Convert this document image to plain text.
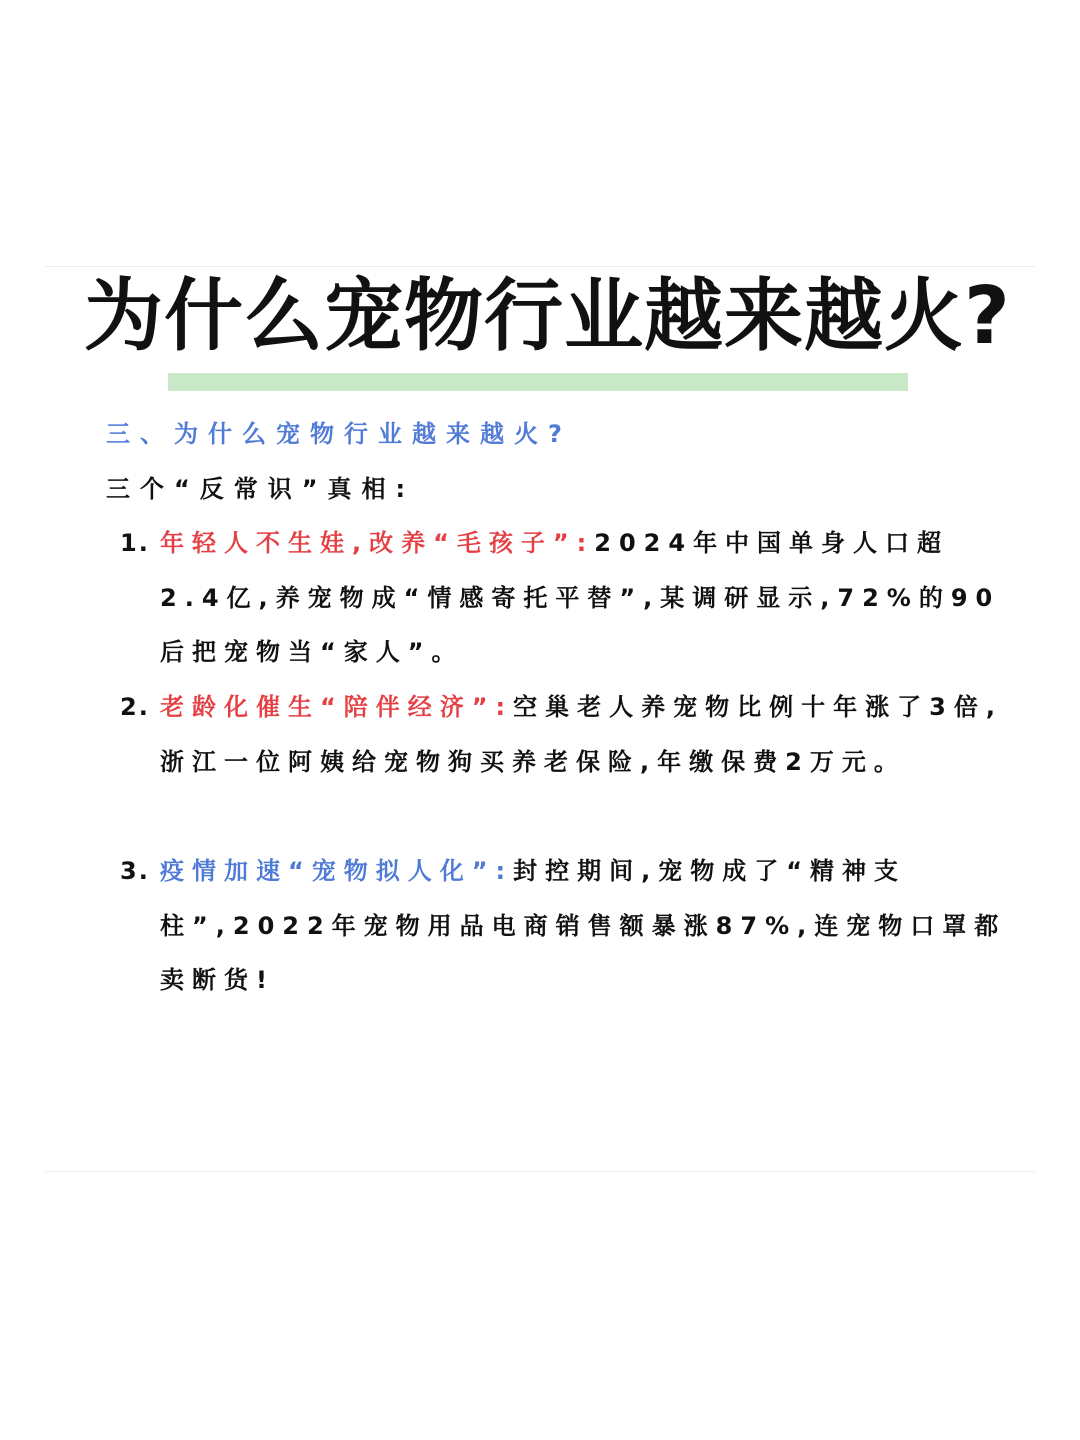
为什么宠物行业越来越火?
三、为什么宠物行业越来越火?
三个“反常识”真相:
1. 年轻人不生娃,改养“毛孩子”:2024年中国单身人口超2.4亿,养宠物成“情感寄托平替”,某调研显示,72%的90后把宠物当“家人”。
2. 老龄化催生“陪伴经济”:空巢老人养宠物比例十年涨了3倍,浙江一位阿姨给宠物狗买养老保险,年缴保费2万元。
3. 疫情加速“宠物拟人化”:封控期间,宠物成了“精神支柱”,2022年宠物用品电商销售额暴涨87%,连宠物口罩都卖断货!
